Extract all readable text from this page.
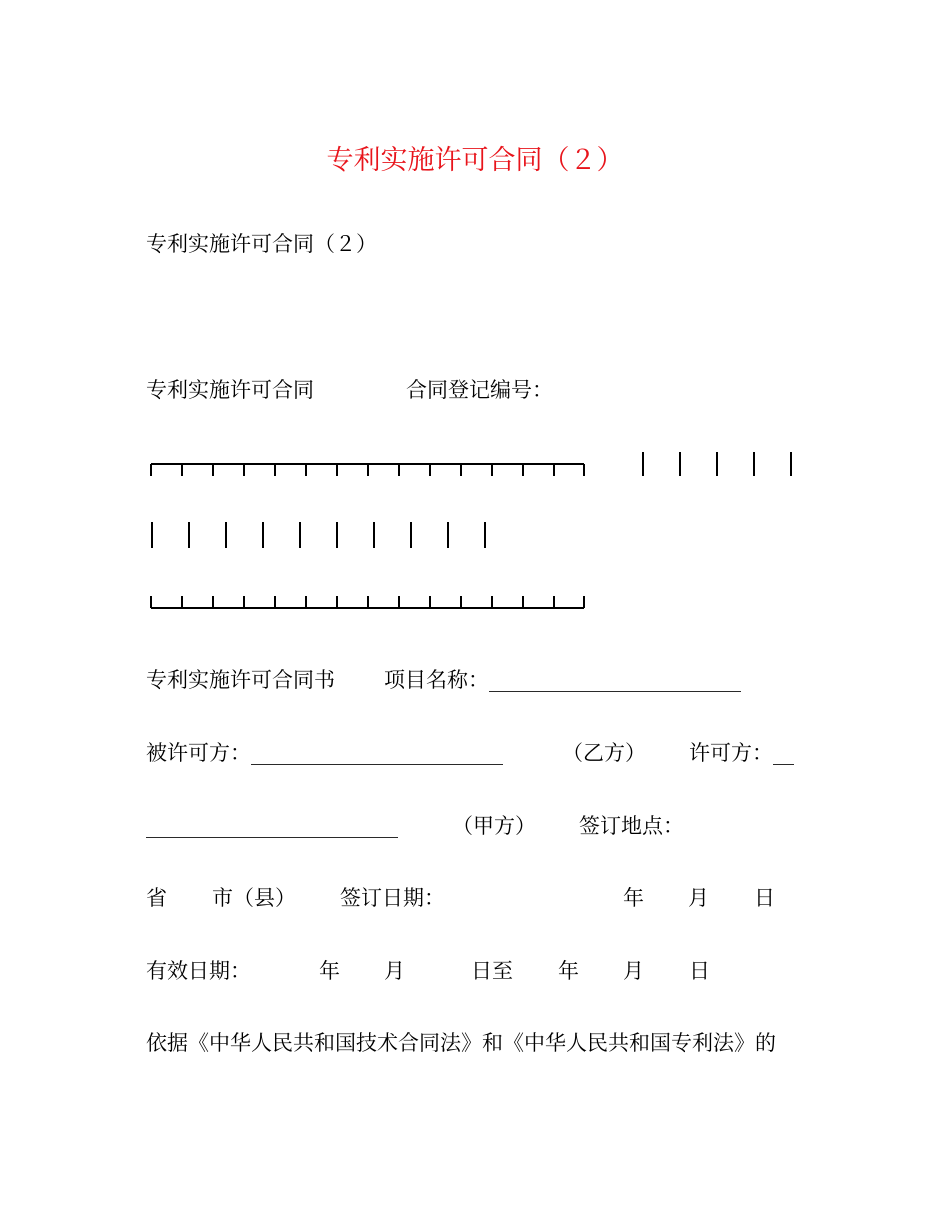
专利实施许可合同（２）
专利实施许可合同（２）
专利实施许可合同	合同登记编号：
专利实施许可合同书 项目名称：________________________
被许可方：________________________	（乙方） 许可方：__
________________________	（甲方） 签订地点：
省 市（县） 签订日期：	年 月 日
有效日期：	年 月	日至 年 月 日
依据《中华人民共和国技术合同法》和《中华人民共和国专利法》的
